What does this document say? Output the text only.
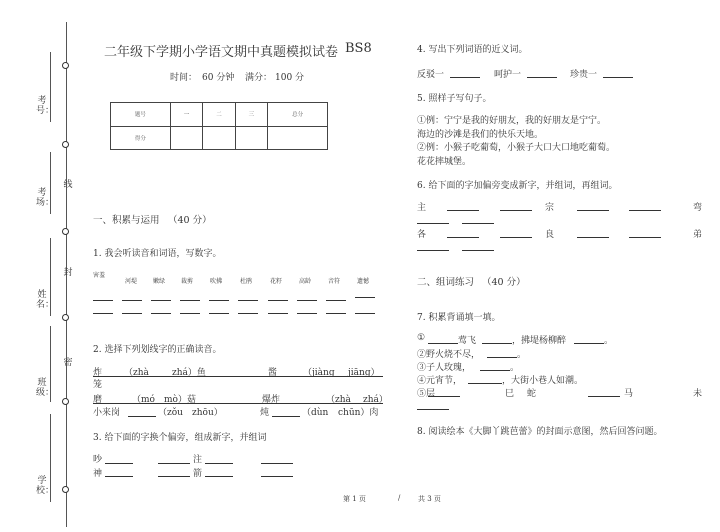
线
封
密
考号：
考场：
姓名：
班级：
学校：
二年级下学期小学语文期中真题模拟试卷 BS8
时间： 60 分钟 满分： 100 分
题号	一	二	三	总分
得分				
一、积累与运用 （40 分）
1. 我会听读音和词语，写数字。
害羞
河堤	嫩绿	裁剪	吹拂	杜鹃	花籽	高龄	音符	遗憾
2. 选择下列划线字的正确读音。
炸 （zhà	zhá）鱼	酱	（jiàng jiāng）
笼
磨	（mó mò）菇	爆炸	（zhà zhá）
小来岗	（zǒu zhōu）	炖	（dùn chūn）肉
3. 给下面的字换个偏旁，组成新字，并组词
吵	注
神	箭
4. 写出下列词语的近义词。
反驳一	呵护一	珍贵一
5. 照样子写句子。
①例：宁宁是我的好朋友，我的好朋友是宁宁。
海边的沙滩是我们的快乐天地。
②例：小猴子吃葡萄，小猴子大口大口地吃葡萄。
花花摔城堡。
6. 给下面的字加偏旁变成新字，并组词，再组词。
主	宗	弯
各	良	弟
二、组词练习 （40 分）
7. 积累背诵填一填。
①	莺飞	，拂堤杨柳醉	。
②野火烧不尽，	。
③子人玫瑰，	。
④元宵节，	，大街小巷人如潮。
⑤层	巳 蛇	马	未
8. 阅读绘本《大脚丫跳芭蕾》的封面示意图，然后回答问题。
第 1 页	/	共 3 页
